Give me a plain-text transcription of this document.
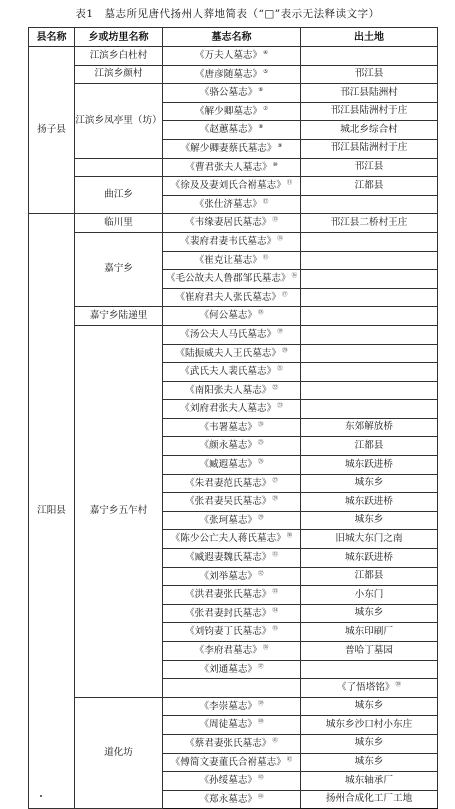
表1　墓志所见唐代扬州人葬地简表（“□”表示无法释读文字）
县名称	乡或坊里名称	墓志名称	出土地	
扬子县	江滨乡白杜村	《万夫人墓志》④	
	江滨乡颜村	《唐彦随墓志》⑤	邗江县	
	江滨乡凤亭里（坊）	《骆公墓志》⑥	邗江县陆洲村	
		《解少卿墓志》⑦	邗江县陆洲村于庄	
		《赵蕙墓志》⑧	城北乡综合村	
		《解少卿妻蔡氏墓志》⑨	邗江县陆洲村于庄	
		《曹君张夫人墓志》⑩	邗江县	
	曲江乡	《徐及及妻刘氏合祔墓志》⑪	江都县	
		《张仕济墓志》⑫	
江阳县	临川里	《韦缘妻居氏墓志》⑬	邗江县二桥村王庄	
	嘉宁乡	《裴府君妻韦氏墓志》⑭	
		《崔克让墓志》⑮	
		《毛公故夫人鲁郡邹氏墓志》⑯	
		《崔府君夫人张氏墓志》⑰	
	嘉宁乡陆递里	《何公墓志》⑱	
	嘉宁乡五乍村	《汤公夫人马氏墓志》⑲	
		《陆振威夫人王氏墓志》⑳	
		《武氏夫人裴氏墓志》$^㉑$	
		《南阳张夫人墓志》$^㉒$	
		《刘府君张夫人墓志》$^㉓$	
		《韦署墓志》$^㉔$	东郊解放桥	
		《颜永墓志》$^㉕$	江都县	
		《臧遐墓志》$^㉖$	城东跃进桥	
		《朱君妻范氏墓志》$^㉗$	城东乡	
		《张君妻吴氏墓志》$^㉘$	城东跃进桥	
		《张珂墓志》$^㉙$	城东乡	
		《陈少公亡夫人蒋氏墓志》$^㉚$	旧城大东门之南	
		《臧遐妻魏氏墓志》$^㉛$	城东跃进桥	
		《刘举墓志》$^㉜$	江都县	
		《洪君妻张氏墓志》$^㉝$	小东门	
		《张君妻封氏墓志》$^㉞$	城东乡	
		《刘钧妻丁氏墓志》$^㉟$	城东印刷厂	
		《李府君墓志》$^㊱$	普哈丁墓园	
		《刘通墓志》$^㊲$	
			《了悟塔铭》$^㊳$	
	道化坊	《李崇墓志》$^㊴$	城东乡	
		《周徒墓志》$^㊵$	城东乡沙口村小东庄	
		《蔡君妻张氏墓志》$^㊶$	城东乡	
		《傅简文妻董氏合祔墓志》$^㊷$	城东乡	
		《孙绥墓志》$^㊸$	城东轴承厂	
		《郑永墓志》$^㊹$	扬州合成化工厂工地	
